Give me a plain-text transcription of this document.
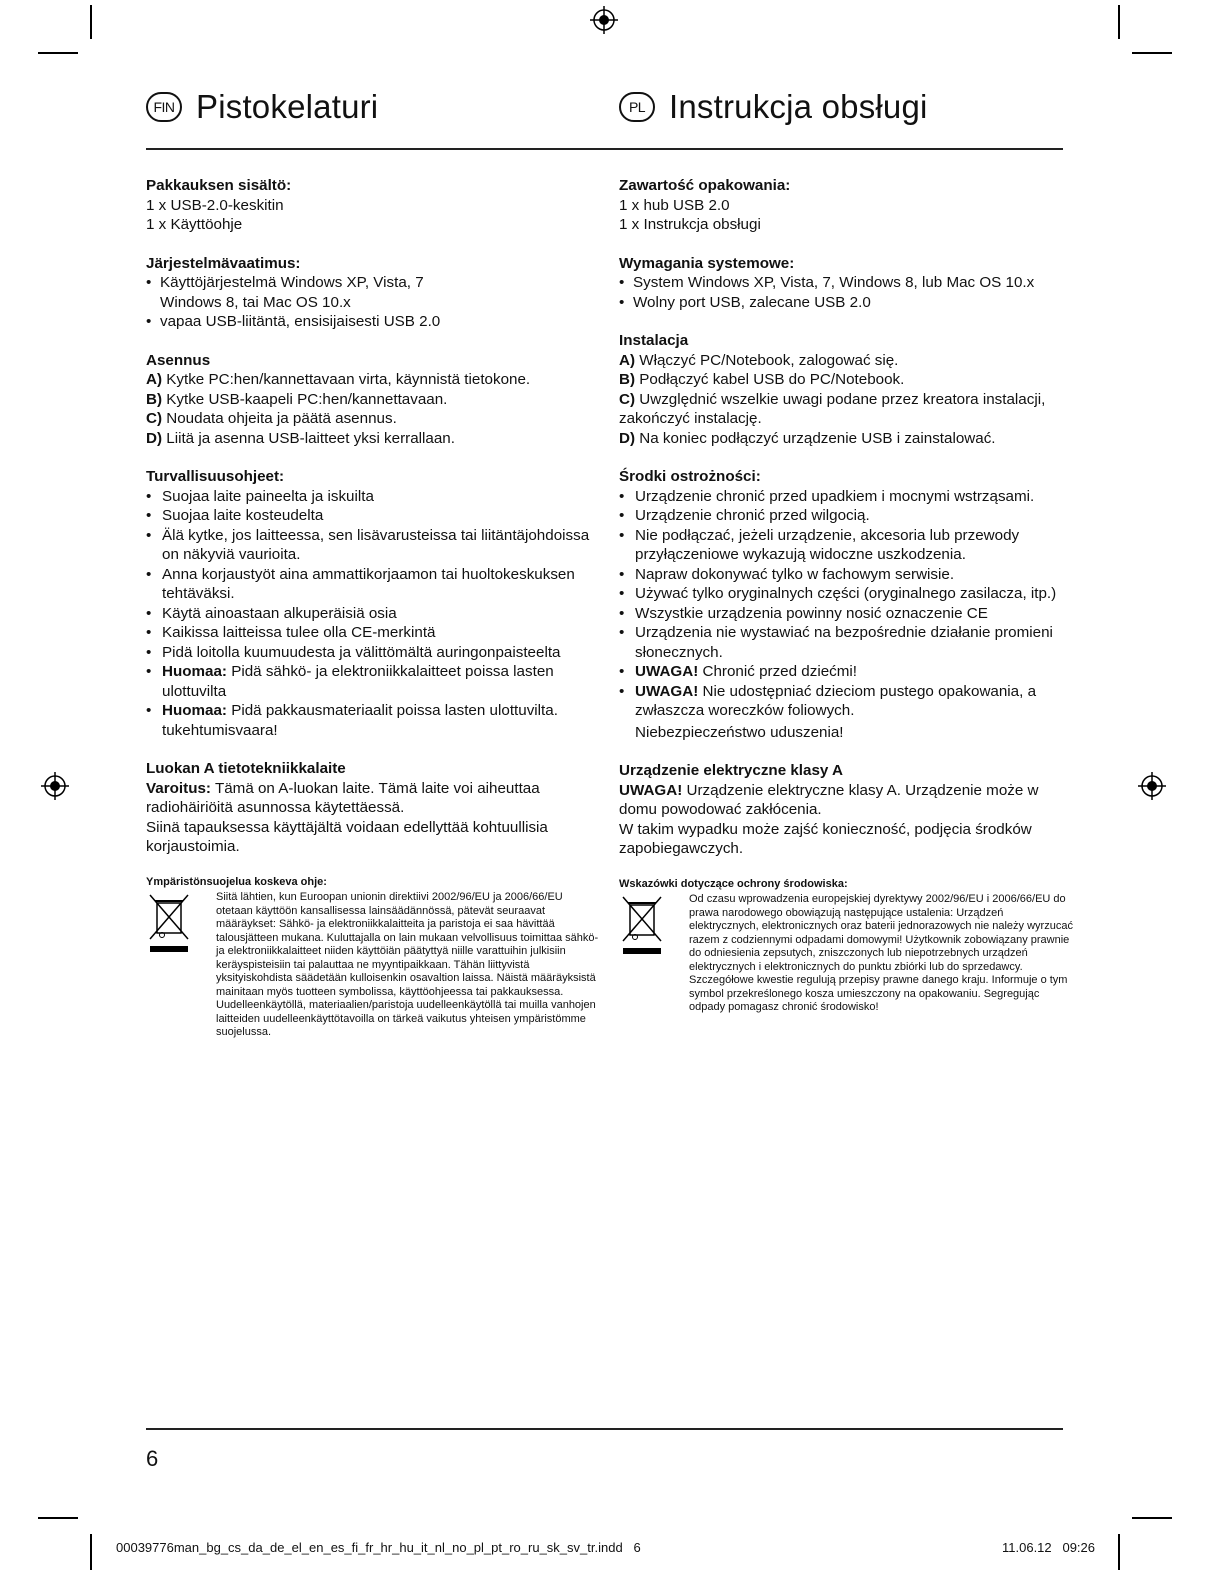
FIN Pistokelaturi	PL Instrukcja obsługi
Pakkauksen sisältö:
1 x USB-2.0-keskitin
1 x Käyttöohje
Järjestelmävaatimus:
• Käyttöjärjestelmä Windows XP, Vista, 7 Windows 8, tai Mac OS 10.x
• vapaa USB-liitäntä, ensisijaisesti USB 2.0
Asennus
A) Kytke PC:hen/kannettavaan virta, käynnistä tietokone.
B) Kytke USB-kaapeli PC:hen/kannettavaan.
C) Noudata ohjeita ja päätä asennus.
D) Liitä ja asenna USB-laitteet yksi kerrallaan.
Turvallisuusohjeet:
• Suojaa laite paineelta ja iskuilta
• Suojaa laite kosteudelta
• Älä kytke, jos laitteessa, sen lisävarusteissa tai liitäntäjohdoissa on näkyviä vaurioita.
• Anna korjaustyöt aina ammattikorjaamon tai huoltokeskuksen tehtäväksi.
• Käytä ainoastaan alkuperäisiä osia
• Kaikissa laitteissa tulee olla CE-merkintä
• Pidä loitolla kuumuudesta ja välittömältä auringonpaisteelta
• Huomaa: Pidä sähkö- ja elektroniikkalaitteet poissa lasten ulottuvilta
• Huomaa: Pidä pakkausmateriaalit poissa lasten ulottuvilta. tukehtumisvaara!
Luokan A tietotekniikkalaite
Varoitus: Tämä on A-luokan laite. Tämä laite voi aiheuttaa radiohäiriöitä asunnossa käytettäessä.
Siinä tapauksessa käyttäjältä voidaan edellyttää kohtuullisia korjaustoimia.
Ympäristönsuojelua koskeva ohje:
Siitä lähtien, kun Euroopan unionin direktiivi 2002/96/EU ja 2006/66/EU otetaan käyttöön kansallisessa lainsäädännössä, pätevät seuraavat määräykset: Sähkö- ja elektroniikkalaitteita ja paristoja ei saa hävittää talousjätteen mukana. Kuluttajalla on lain mukaan velvollisuus toimittaa sähkö- ja elektroniikkalaitteet niiden käyttöiän päätyttyä niille varattuihin julkisiin keräyspisteisiin tai palauttaa ne myyntipaikkaan. Tähän liittyvistä yksityiskohdista säädetään kulloisenkin osavaltion laissa. Näistä määräyksistä mainitaan myös tuotteen symbolissa, käyttöohjeessa tai pakkauksessa. Uudelleenkäytöllä, materiaalien/paristoja uudelleenkäytöllä tai muilla vanhojen laitteiden uudelleenkäyttötavoilla on tärkeä vaikutus yhteisen ympäristömme suojelussa.
Zawartość opakowania:
1 x hub USB 2.0
1 x Instrukcja obsługi
Wymagania systemowe:
• System Windows XP, Vista, 7, Windows 8, lub Mac OS 10.x
• Wolny port USB, zalecane USB 2.0
Instalacja
A) Włączyć PC/Notebook, zalogować się.
B) Podłączyć kabel USB do PC/Notebook.
C) Uwzględnić wszelkie uwagi podane przez kreatora instalacji, zakończyć instalację.
D) Na koniec podłączyć urządzenie USB i zainstalować.
Środki ostrożności:
• Urządzenie chronić przed upadkiem i mocnymi wstrząsami.
• Urządzenie chronić przed wilgocią.
• Nie podłączać, jeżeli urządzenie, akcesoria lub przewody przyłączeniowe wykazują widoczne uszkodzenia.
• Napraw dokonywać tylko w fachowym serwisie.
• Używać tylko oryginalnych części (oryginalnego zasilacza, itp.)
• Wszystkie urządzenia powinny nosić oznaczenie CE
• Urządzenia nie wystawiać na bezpośrednie działanie promieni słonecznych.
• UWAGA! Chronić przed dziećmi!
• UWAGA! Nie udostępniać dzieciom pustego opakowania, a zwłaszcza woreczków foliowych.
Niebezpieczeństwo uduszenia!
Urządzenie elektryczne klasy A
UWAGA! Urządzenie elektryczne klasy A. Urządzenie może w domu powodować zakłócenia.
W takim wypadku może zajść konieczność, podjęcia środków zapobiegawczych.
Wskazówki dotyczące ochrony środowiska:
Od czasu wprowadzenia europejskiej dyrektywy 2002/96/EU i 2006/66/EU do prawa narodowego obowiązują następujące ustalenia: Urządzeń elektrycznych, elektronicznych oraz baterii jednorazowych nie należy wyrzucać razem z codziennymi odpadami domowymi! Użytkownik zobowiązany prawnie do odniesienia zepsutych, zniszczonych lub niepotrzebnych urządzeń elektrycznych i elektronicznych do punktu zbiórki lub do sprzedawcy. Szczegółowe kwestie regulują przepisy prawne danego kraju. Informuje o tym symbol przekreślonego kosza umieszczony na opakowaniu. Segregując odpady pomagasz chronić środowisko!
6
00039776man_bg_cs_da_de_el_en_es_fi_fr_hr_hu_it_nl_no_pl_pt_ro_ru_sk_sv_tr.indd   6	11.06.12   09:26
